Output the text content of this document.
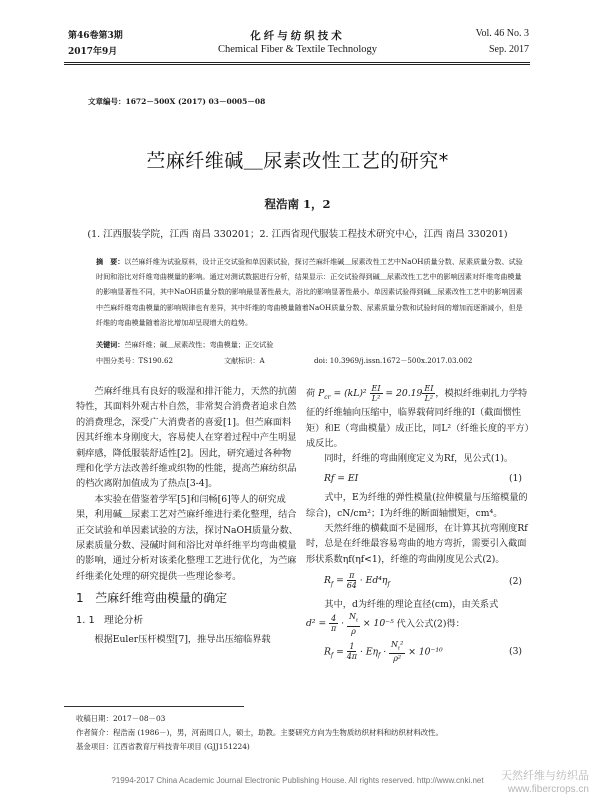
第46卷第3期
2017年9月
化纤与纺织技术
Chemical Fiber & Textile Technology
Vol. 46 No. 3
Sep. 2017
文章编号：1672－500X (2017) 03－0005－08
苎麻纤维碱＿尿素改性工艺的研究*
程浩南 1，2
(1. 江西服装学院，江西 南昌 330201；2. 江西省现代服装工程技术研究中心，江西 南昌 330201)
摘　要：以苎麻纤维为试验原料，设计正交试验和单因素试验，探讨苎麻纤维碱＿尿素改性工艺中NaOH质量分数、尿素质量分数、试验时间和浴比对纤维弯曲模量的影响。通过对测试数据进行分析，结果显示：正交试验得到碱＿尿素改性工艺中的影响因素对纤维弯曲模量的影响显著性不同，其中NaOH质量分数的影响最显著性最大，浴比的影响显著性最小。单因素试验得到碱＿尿素改性工艺中的影响因素中苎麻纤维弯曲模量的影响规律也有差异，其中纤维的弯曲模量随着NaOH质量分数、尿素质量分数和试验时间的增加而逐渐减小，但是纤维的弯曲模量随着浴比增加却呈现增大的趋势。
关键词：苎麻纤维；碱＿尿素改性；弯曲模量；正交试验
中图分类号：TS190.62	文献标识：A	doi: 10.3969/j.issn.1672－500x.2017.03.002

苎麻纤维具有良好的吸湿和排汗能力，天然的抗菌特性，其面料外观古朴自然，非常契合消费者追求自然的消费理念，深受广大消费者的喜爱[1]。但苎麻面料因其纤维本身刚度大，容易使人在穿着过程中产生明显刺痒感，降低服装舒适性[2]。因此，研究通过各种物理和化学方法改善纤维或织物的性能，提高苎麻纺织品的档次离附加值成为了热点[3-4]。

本实验在借鉴着学军[5]和闫畅[6]等人的研究成果，利用碱＿尿素工艺对苎麻纤维进行柔化整理，结合正交试验和单因素试验的方法，探讨NaOH质量分数、尿素质量分数、浸碱时间和浴比对单纤维平均弯曲模量的影响，通过分析对该柔化整理工艺进行优化，为苎麻纤维柔化处理的研究提供一些理论参考。

1 苎麻纤维弯曲模量的确定
1. 1 理论分析

根据Euler压杆模型[7]，推导出压缩临界载

荷 $P_{cr} = (kL)^2 \frac{EI}{\text{L²}} = 20.19 \frac{EI}{\text{L²}}$ ，模拟纤维刺扎力学特征的纤维轴向压缩中，临界载荷同纤维的I（截面惯性矩）和E（弯曲模量）成正比，同L²（纤维长度的平方）成反比。

同时，纤维的弯曲刚度定义为Rf，见公式(1)。

Rf = EI	(1)

式中，E为纤维的弹性模量(拉伸模量与压缩模量的综合)，cN/cm²；I为纤维的断面轴惯矩，cm⁴。

天然纤维的横截面不是圆形，在计算其抗弯刚度Rf时，总是在纤维最容易弯曲的地方弯折，需要引入截面形状系数ηf(ηf<1)，纤维的弯曲刚度见公式(2)。

$R_f = \frac{\pi}{64} \cdot Ed^4\eta_f$	(2)

其中，d为纤维的理论直径(cm)，由关系式

$d^2 = \frac{4}{\pi} \cdot \frac{N_t}{\rho} \times 10^{-5}$ 代入公式(2)得：

$R_f = \frac{1}{4\pi} \cdot E\eta_f \cdot \frac{N_t^2}{\text{ρ²}} \times 10^{-10}$	(3)
收稿日期：2017－08－03
作者简介：程浩南 (1986－)，男，河南周口人，硕士，助教。主要研究方向为生物质纺织材料和纺织材料改性。
基金项目：江西省教育厅科技青年项目 (GJJ151224)
?1994-2017 China Academic Journal Electronic Publishing House. All rights reserved. http://www.cnki.net	天然纤维与纺织品
www.fibercrops.cn
